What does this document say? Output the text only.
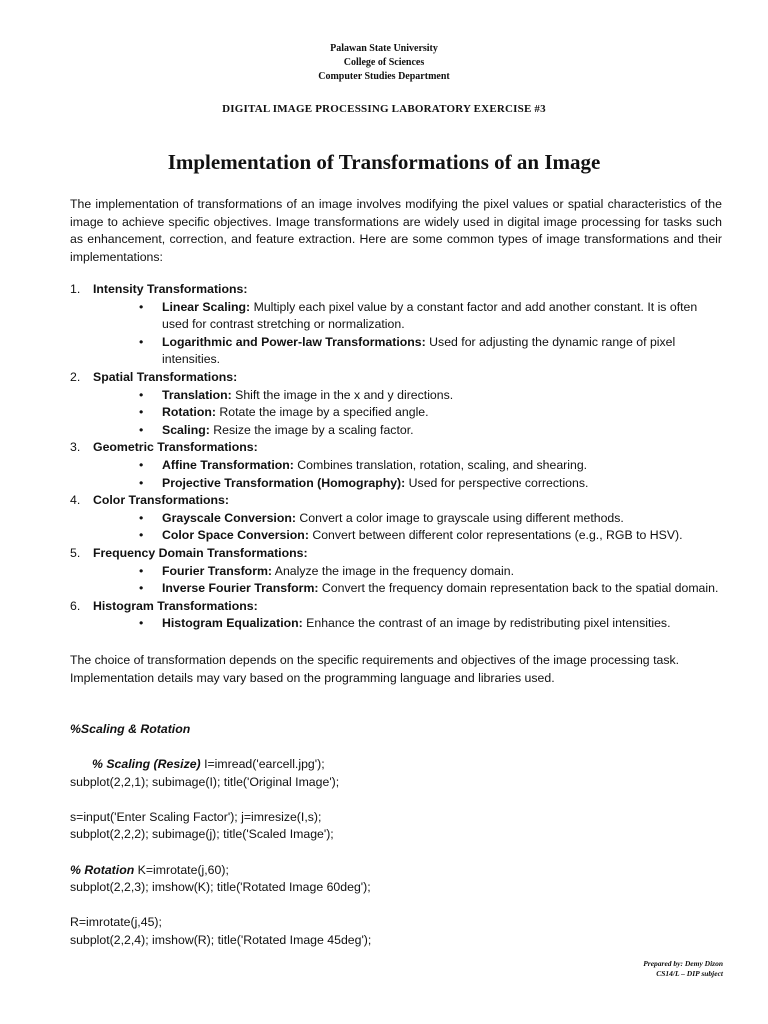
Palawan State University
College of Sciences
Computer Studies Department
DIGITAL IMAGE PROCESSING LABORATORY EXERCISE #3
Implementation of Transformations of an Image
The implementation of transformations of an image involves modifying the pixel values or spatial characteristics of the image to achieve specific objectives. Image transformations are widely used in digital image processing for tasks such as enhancement, correction, and feature extraction. Here are some common types of image transformations and their implementations:
1. Intensity Transformations:
• Linear Scaling: Multiply each pixel value by a constant factor and add another constant. It is often used for contrast stretching or normalization.
• Logarithmic and Power-law Transformations: Used for adjusting the dynamic range of pixel intensities.
2. Spatial Transformations:
• Translation: Shift the image in the x and y directions.
• Rotation: Rotate the image by a specified angle.
• Scaling: Resize the image by a scaling factor.
3. Geometric Transformations:
• Affine Transformation: Combines translation, rotation, scaling, and shearing.
• Projective Transformation (Homography): Used for perspective corrections.
4. Color Transformations:
• Grayscale Conversion: Convert a color image to grayscale using different methods.
• Color Space Conversion: Convert between different color representations (e.g., RGB to HSV).
5. Frequency Domain Transformations:
• Fourier Transform: Analyze the image in the frequency domain.
• Inverse Fourier Transform: Convert the frequency domain representation back to the spatial domain.
6. Histogram Transformations:
• Histogram Equalization: Enhance the contrast of an image by redistributing pixel intensities.
The choice of transformation depends on the specific requirements and objectives of the image processing task. Implementation details may vary based on the programming language and libraries used.
%Scaling & Rotation
% Scaling (Resize) I=imread('earcell.jpg');
subplot(2,2,1); subimage(I); title('Original Image');
s=input('Enter Scaling Factor'); j=imresize(I,s);
subplot(2,2,2); subimage(j); title('Scaled Image');
% Rotation K=imrotate(j,60);
subplot(2,2,3); imshow(K); title('Rotated Image 60deg');
R=imrotate(j,45);
subplot(2,2,4); imshow(R); title('Rotated Image 45deg');
Prepared by: Demy Dizon
CS14/L – DIP subject
